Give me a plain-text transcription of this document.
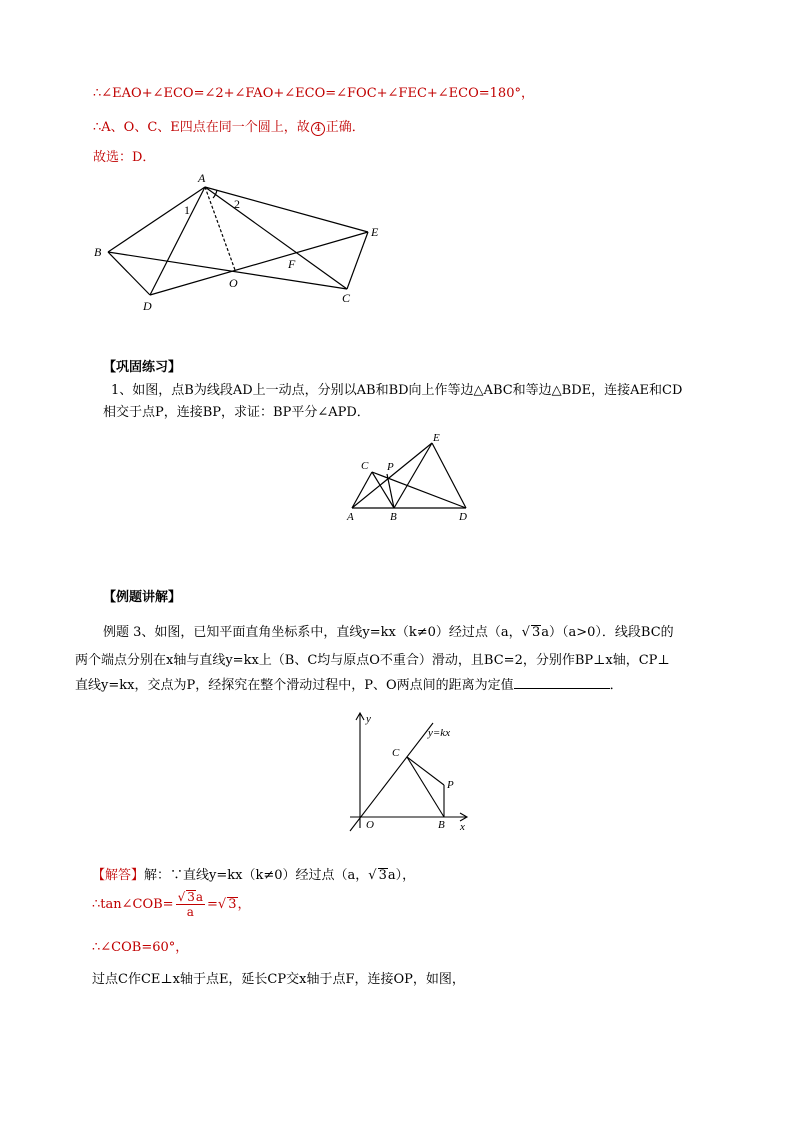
∴∠EAO+∠ECO=∠2+∠FAO+∠ECO=∠FOC+∠FEC+∠ECO=180°，
∴A、O、C、E四点在同一个圆上，故 4 正确．
故选：D．
A
B
D
O
F
C
E
1	2
【巩固练习】
1、如图，点B为线段AD上一动点，分别以AB和BD向上作等边△ABC和等边△BDE，连接AE和CD
相交于点P，连接BP，求证：BP平分∠APD．
A	B	D
C P
E
【例题讲解】
例题 3、如图，已知平面直角坐标系中，直线y=kx（k≠0）经过点（a，√ 3a）（a>0）．线段BC的
两个端点分别在x轴与直线y=kx上（B、C均与原点O不重合）滑动，且BC=2，分别作BP⊥x轴，CP⊥
直线y=kx，交点为P，经探究在整个滑动过程中，P、O两点间的距离为定值	．
y
x
O	B
C
P
y=kx
【解答】解：∵直线y=kx（k≠0）经过点（a，√ 3a），
∴tan∠COB= $\frac{√ 3a}{a}$ =√ 3，
∴∠COB=60°，
过点C作CE⊥x轴于点E，延长CP交x轴于点F，连接OP，如图，
